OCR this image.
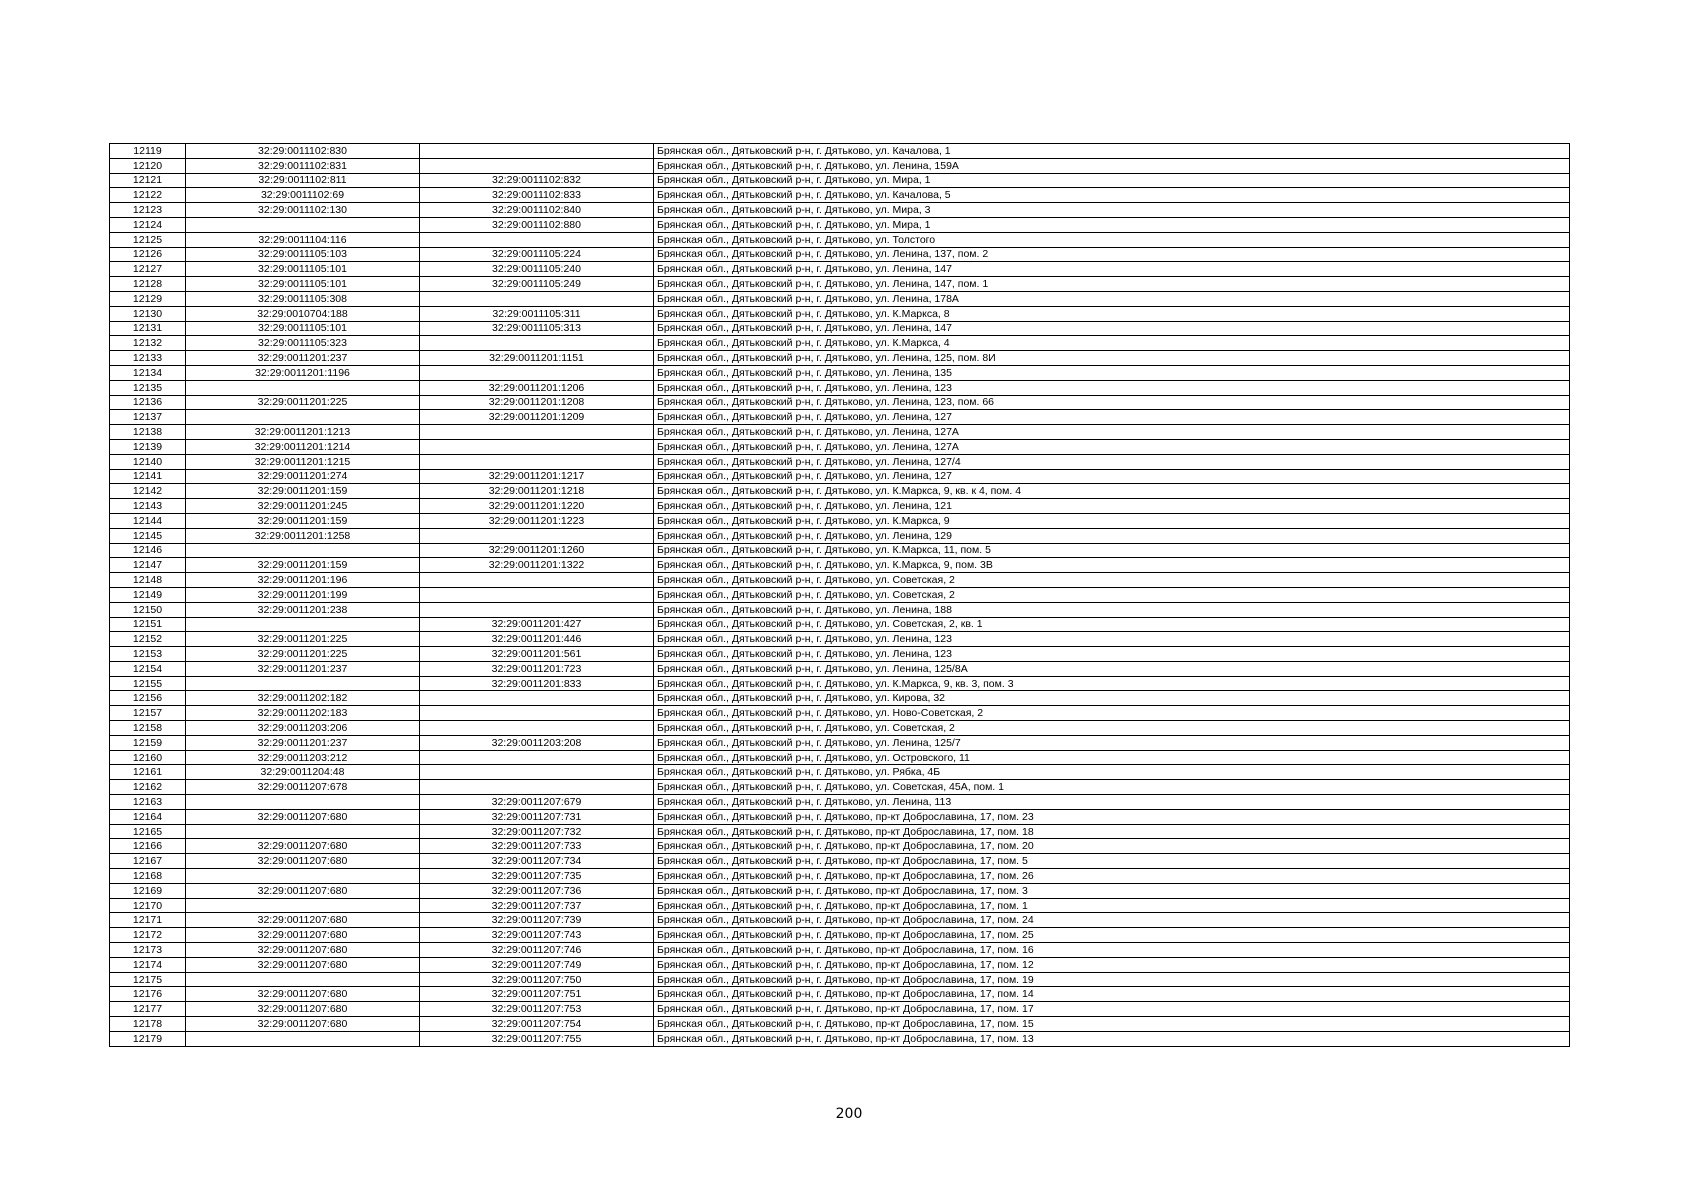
12119	32:29:0011102:830		Брянская обл., Дятьковский р-н, г. Дятьково, ул. Качалова, 1
12120	32:29:0011102:831		Брянская обл., Дятьковский р-н, г. Дятьково, ул. Ленина, 159А
12121	32:29:0011102:811	32:29:0011102:832	Брянская обл., Дятьковский р-н, г. Дятьково, ул. Мира, 1
12122	32:29:0011102:69	32:29:0011102:833	Брянская обл., Дятьковский р-н, г. Дятьково, ул. Качалова, 5
12123	32:29:0011102:130	32:29:0011102:840	Брянская обл., Дятьковский р-н, г. Дятьково, ул. Мира, 3
12124		32:29:0011102:880	Брянская обл., Дятьковский р-н, г. Дятьково, ул. Мира, 1
12125	32:29:0011104:116		Брянская обл., Дятьковский р-н, г. Дятьково, ул. Толстого
12126	32:29:0011105:103	32:29:0011105:224	Брянская обл., Дятьковский р-н, г. Дятьково, ул. Ленина, 137, пом. 2
12127	32:29:0011105:101	32:29:0011105:240	Брянская обл., Дятьковский р-н, г. Дятьково, ул. Ленина, 147
12128	32:29:0011105:101	32:29:0011105:249	Брянская обл., Дятьковский р-н, г. Дятьково, ул. Ленина, 147, пом. 1
12129	32:29:0011105:308		Брянская обл., Дятьковский р-н, г. Дятьково, ул. Ленина, 178А
12130	32:29:0010704:188	32:29:0011105:311	Брянская обл., Дятьковский р-н, г. Дятьково, ул. К.Маркса, 8
12131	32:29:0011105:101	32:29:0011105:313	Брянская обл., Дятьковский р-н, г. Дятьково, ул. Ленина, 147
12132	32:29:0011105:323		Брянская обл., Дятьковский р-н, г. Дятьково, ул. К.Маркса, 4
12133	32:29:0011201:237	32:29:0011201:1151	Брянская обл., Дятьковский р-н, г. Дятьково, ул. Ленина, 125, пом. 8И
12134	32:29:0011201:1196		Брянская обл., Дятьковский р-н, г. Дятьково, ул. Ленина, 135
12135		32:29:0011201:1206	Брянская обл., Дятьковский р-н, г. Дятьково, ул. Ленина, 123
12136	32:29:0011201:225	32:29:0011201:1208	Брянская обл., Дятьковский р-н, г. Дятьково, ул. Ленина, 123, пом. 66
12137		32:29:0011201:1209	Брянская обл., Дятьковский р-н, г. Дятьково, ул. Ленина, 127
12138	32:29:0011201:1213		Брянская обл., Дятьковский р-н, г. Дятьково, ул. Ленина, 127А
12139	32:29:0011201:1214		Брянская обл., Дятьковский р-н, г. Дятьково, ул. Ленина, 127А
12140	32:29:0011201:1215		Брянская обл., Дятьковский р-н, г. Дятьково, ул. Ленина, 127/4
12141	32:29:0011201:274	32:29:0011201:1217	Брянская обл., Дятьковский р-н, г. Дятьково, ул. Ленина, 127
12142	32:29:0011201:159	32:29:0011201:1218	Брянская обл., Дятьковский р-н, г. Дятьково, ул. К.Маркса, 9, кв. к 4, пом. 4
12143	32:29:0011201:245	32:29:0011201:1220	Брянская обл., Дятьковский р-н, г. Дятьково, ул. Ленина, 121
12144	32:29:0011201:159	32:29:0011201:1223	Брянская обл., Дятьковский р-н, г. Дятьково, ул. К.Маркса, 9
12145	32:29:0011201:1258		Брянская обл., Дятьковский р-н, г. Дятьково, ул. Ленина, 129
12146		32:29:0011201:1260	Брянская обл., Дятьковский р-н, г. Дятьково, ул. К.Маркса, 11, пом. 5
12147	32:29:0011201:159	32:29:0011201:1322	Брянская обл., Дятьковский р-н, г. Дятьково, ул. К.Маркса, 9, пом. 3В
12148	32:29:0011201:196		Брянская обл., Дятьковский р-н, г. Дятьково, ул. Советская, 2
12149	32:29:0011201:199		Брянская обл., Дятьковский р-н, г. Дятьково, ул. Советская, 2
12150	32:29:0011201:238		Брянская обл., Дятьковский р-н, г. Дятьково, ул. Ленина, 188
12151		32:29:0011201:427	Брянская обл., Дятьковский р-н, г. Дятьково, ул. Советская, 2, кв. 1
12152	32:29:0011201:225	32:29:0011201:446	Брянская обл., Дятьковский р-н, г. Дятьково, ул. Ленина, 123
12153	32:29:0011201:225	32:29:0011201:561	Брянская обл., Дятьковский р-н, г. Дятьково, ул. Ленина, 123
12154	32:29:0011201:237	32:29:0011201:723	Брянская обл., Дятьковский р-н, г. Дятьково, ул. Ленина, 125/8А
12155		32:29:0011201:833	Брянская обл., Дятьковский р-н, г. Дятьково, ул. К.Маркса, 9, кв. 3, пом. 3
12156	32:29:0011202:182		Брянская обл., Дятьковский р-н, г. Дятьково, ул. Кирова, 32
12157	32:29:0011202:183		Брянская обл., Дятьковский р-н, г. Дятьково, ул. Ново-Советская, 2
12158	32:29:0011203:206		Брянская обл., Дятьковский р-н, г. Дятьково, ул. Советская, 2
12159	32:29:0011201:237	32:29:0011203:208	Брянская обл., Дятьковский р-н, г. Дятьково, ул. Ленина, 125/7
12160	32:29:0011203:212		Брянская обл., Дятьковский р-н, г. Дятьково, ул. Островского, 11
12161	32:29:0011204:48		Брянская обл., Дятьковский р-н, г. Дятьково, ул. Рябка, 4Б
12162	32:29:0011207:678		Брянская обл., Дятьковский р-н, г. Дятьково, ул. Советская, 45А, пом. 1
12163		32:29:0011207:679	Брянская обл., Дятьковский р-н, г. Дятьково, ул. Ленина, 113
12164	32:29:0011207:680	32:29:0011207:731	Брянская обл., Дятьковский р-н, г. Дятьково, пр-кт Доброславина, 17, пом. 23
12165		32:29:0011207:732	Брянская обл., Дятьковский р-н, г. Дятьково, пр-кт Доброславина, 17, пом. 18
12166	32:29:0011207:680	32:29:0011207:733	Брянская обл., Дятьковский р-н, г. Дятьково, пр-кт Доброславина, 17, пом. 20
12167	32:29:0011207:680	32:29:0011207:734	Брянская обл., Дятьковский р-н, г. Дятьково, пр-кт Доброславина, 17, пом. 5
12168		32:29:0011207:735	Брянская обл., Дятьковский р-н, г. Дятьково, пр-кт Доброславина, 17, пом. 26
12169	32:29:0011207:680	32:29:0011207:736	Брянская обл., Дятьковский р-н, г. Дятьково, пр-кт Доброславина, 17, пом. 3
12170		32:29:0011207:737	Брянская обл., Дятьковский р-н, г. Дятьково, пр-кт Доброславина, 17, пом. 1
12171	32:29:0011207:680	32:29:0011207:739	Брянская обл., Дятьковский р-н, г. Дятьково, пр-кт Доброславина, 17, пом. 24
12172	32:29:0011207:680	32:29:0011207:743	Брянская обл., Дятьковский р-н, г. Дятьково, пр-кт Доброславина, 17, пом. 25
12173	32:29:0011207:680	32:29:0011207:746	Брянская обл., Дятьковский р-н, г. Дятьково, пр-кт Доброславина, 17, пом. 16
12174	32:29:0011207:680	32:29:0011207:749	Брянская обл., Дятьковский р-н, г. Дятьково, пр-кт Доброславина, 17, пом. 12
12175		32:29:0011207:750	Брянская обл., Дятьковский р-н, г. Дятьково, пр-кт Доброславина, 17, пом. 19
12176	32:29:0011207:680	32:29:0011207:751	Брянская обл., Дятьковский р-н, г. Дятьково, пр-кт Доброславина, 17, пом. 14
12177	32:29:0011207:680	32:29:0011207:753	Брянская обл., Дятьковский р-н, г. Дятьково, пр-кт Доброславина, 17, пом. 17
12178	32:29:0011207:680	32:29:0011207:754	Брянская обл., Дятьковский р-н, г. Дятьково, пр-кт Доброславина, 17, пом. 15
12179		32:29:0011207:755	Брянская обл., Дятьковский р-н, г. Дятьково, пр-кт Доброславина, 17, пом. 13
200
